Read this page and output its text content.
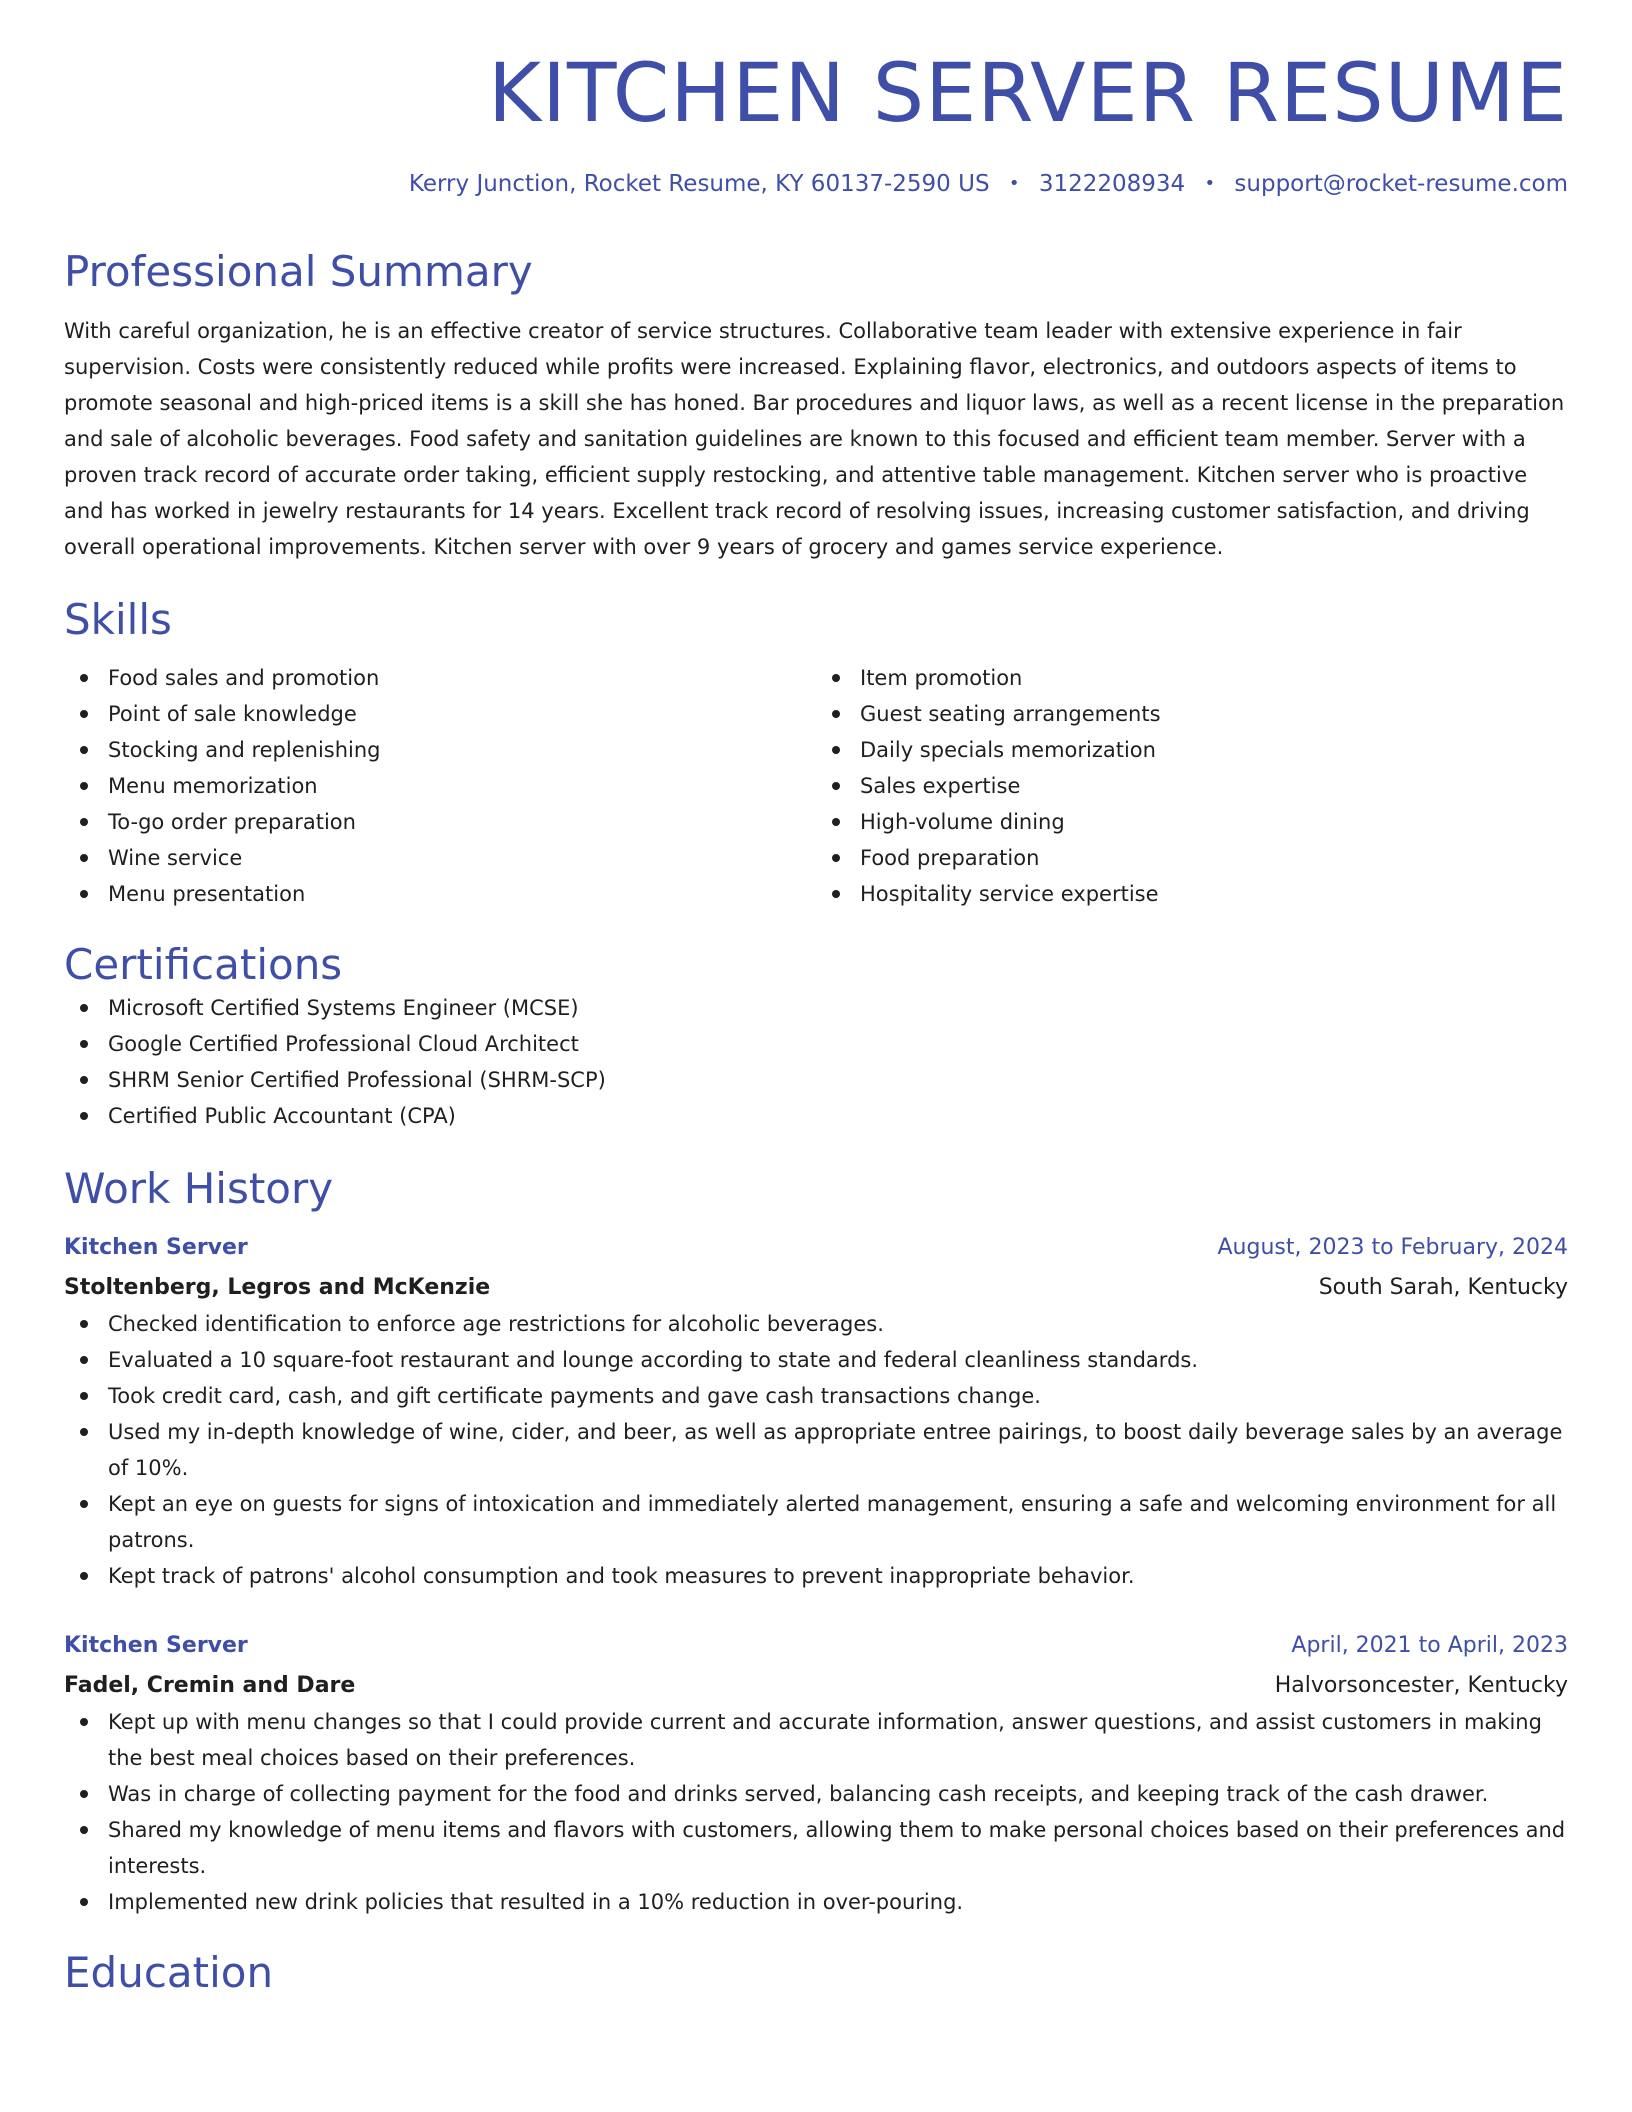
KITCHEN SERVER RESUME
Kerry Junction, Rocket Resume, KY 60137-2590 US • 3122208934 • support@rocket-resume.com
Professional Summary

With careful organization, he is an effective creator of service structures. Collaborative team leader with extensive experience in fair supervision. Costs were consistently reduced while profits were increased. Explaining flavor, electronics, and outdoors aspects of items to promote seasonal and high-priced items is a skill she has honed. Bar procedures and liquor laws, as well as a recent license in the preparation and sale of alcoholic beverages. Food safety and sanitation guidelines are known to this focused and efficient team member. Server with a proven track record of accurate order taking, efficient supply restocking, and attentive table management. Kitchen server who is proactive and has worked in jewelry restaurants for 14 years. Excellent track record of resolving issues, increasing customer satisfaction, and driving overall operational improvements. Kitchen server with over 9 years of grocery and games service experience.

Skills
Food sales and promotion
Point of sale knowledge
Stocking and replenishing
Menu memorization
To-go order preparation
Wine service
Menu presentation
Item promotion
Guest seating arrangements
Daily specials memorization
Sales expertise
High-volume dining
Food preparation
Hospitality service expertise
Certifications
Microsoft Certified Systems Engineer (MCSE)
Google Certified Professional Cloud Architect
SHRM Senior Certified Professional (SHRM-SCP)
Certified Public Accountant (CPA)
Work History
Kitchen Server	August, 2023 to February, 2024
Stoltenberg, Legros and McKenzie	South Sarah, Kentucky
Checked identification to enforce age restrictions for alcoholic beverages.
Evaluated a 10 square-foot restaurant and lounge according to state and federal cleanliness standards.
Took credit card, cash, and gift certificate payments and gave cash transactions change.
Used my in-depth knowledge of wine, cider, and beer, as well as appropriate entree pairings, to boost daily beverage sales by an average of 10%.
Kept an eye on guests for signs of intoxication and immediately alerted management, ensuring a safe and welcoming environment for all patrons.
Kept track of patrons' alcohol consumption and took measures to prevent inappropriate behavior.
Kitchen Server	April, 2021 to April, 2023
Fadel, Cremin and Dare	Halvorsoncester, Kentucky
Kept up with menu changes so that I could provide current and accurate information, answer questions, and assist customers in making the best meal choices based on their preferences.
Was in charge of collecting payment for the food and drinks served, balancing cash receipts, and keeping track of the cash drawer.
Shared my knowledge of menu items and flavors with customers, allowing them to make personal choices based on their preferences and interests.
Implemented new drink policies that resulted in a 10% reduction in over-pouring.
Education
